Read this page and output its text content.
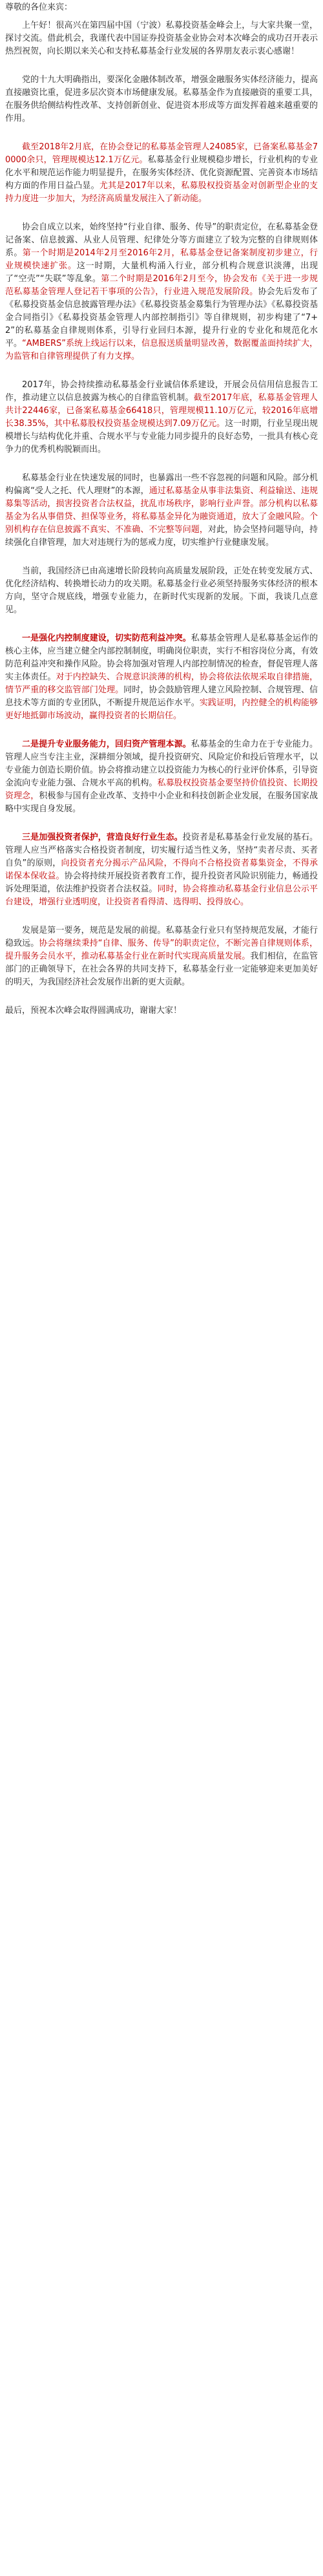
尊敬的各位来宾：

上午好！很高兴在第四届中国（宁波）私募投资基金峰会上，与大家共聚一堂，探讨交流。借此机会，我谨代表中国证券投资基金业协会对本次峰会的成功召开表示热烈祝贺，向长期以来关心和支持私募基金行业发展的各界朋友表示衷心感谢！

党的十九大明确指出，要深化金融体制改革，增强金融服务实体经济能力，提高直接融资比重，促进多层次资本市场健康发展。私募基金作为直接融资的重要工具，在服务供给侧结构性改革、支持创新创业、促进资本形成等方面发挥着越来越重要的作用。

截至2018年2月底，在协会登记的私募基金管理人24085家，已备案私募基金70000余只，管理规模达12.1万亿元。私募基金行业规模稳步增长，行业机构的专业化水平和规范运作能力明显提升，在服务实体经济、优化资源配置、完善资本市场结构方面的作用日益凸显。尤其是2017年以来，私募股权投资基金对创新型企业的支持力度进一步加大，为经济高质量发展注入了新动能。

协会自成立以来，始终坚持“行业自律、服务、传导”的职责定位，在私募基金登记备案、信息披露、从业人员管理、纪律处分等方面建立了较为完整的自律规则体系。第一个时期是2014年2月至2016年2月，私募基金登记备案制度初步建立，行业规模快速扩张。这一时期，大量机构涌入行业，部分机构合规意识淡薄，出现了“空壳”“失联”等乱象。第二个时期是2016年2月至今，协会发布《关于进一步规范私募基金管理人登记若干事项的公告》，行业进入规范发展阶段。协会先后发布了《私募投资基金信息披露管理办法》《私募投资基金募集行为管理办法》《私募投资基金合同指引》《私募投资基金管理人内部控制指引》等自律规则，初步构建了“7+2”的私募基金自律规则体系，引导行业回归本源，提升行业的专业化和规范化水平。“AMBERS”系统上线运行以来，信息报送质量明显改善，数据覆盖面持续扩大，为监管和自律管理提供了有力支撑。

2017年，协会持续推动私募基金行业诚信体系建设，开展会员信用信息报告工作，推动建立以信息披露为核心的自律监管机制。截至2017年底，私募基金管理人共计22446家，已备案私募基金66418只，管理规模11.10万亿元，较2016年底增长38.35%，其中私募股权投资基金规模达到7.09万亿元。这一时期，行业呈现出规模增长与结构优化并重、合规水平与专业能力同步提升的良好态势，一批具有核心竞争力的优秀机构脱颖而出。

私募基金行业在快速发展的同时，也暴露出一些不容忽视的问题和风险。部分机构偏离“受人之托、代人理财”的本源，通过私募基金从事非法集资、利益输送、违规募集等活动，损害投资者合法权益，扰乱市场秩序，影响行业声誉。部分机构以私募基金为名从事借贷、担保等业务，将私募基金异化为融资通道，放大了金融风险。个别机构存在信息披露不真实、不准确、不完整等问题，对此，协会坚持问题导向，持续强化自律管理，加大对违规行为的惩戒力度，切实维护行业健康发展。

当前，我国经济已由高速增长阶段转向高质量发展阶段，正处在转变发展方式、优化经济结构、转换增长动力的攻关期。私募基金行业必须坚持服务实体经济的根本方向，坚守合规底线，增强专业能力，在新时代实现新的发展。下面，我谈几点意见。

一是强化内控制度建设，切实防范利益冲突。私募基金管理人是私募基金运作的核心主体，应当建立健全内部控制制度，明确岗位职责，实行不相容岗位分离，有效防范利益冲突和操作风险。协会将加强对管理人内部控制情况的检查，督促管理人落实主体责任。对于内控缺失、合规意识淡薄的机构，协会将依法依规采取自律措施，情节严重的移交监管部门处理。同时，协会鼓励管理人建立风险控制、合规管理、信息技术等方面的专业团队，不断提升规范运作水平。实践证明，内控健全的机构能够更好地抵御市场波动，赢得投资者的长期信任。

二是提升专业服务能力，回归资产管理本源。私募基金的生命力在于专业能力。管理人应当专注主业，深耕细分领域，提升投资研究、风险定价和投后管理水平，以专业能力创造长期价值。协会将推动建立以投资能力为核心的行业评价体系，引导资金流向专业能力强、合规水平高的机构。私募股权投资基金要坚持价值投资、长期投资理念，积极参与国有企业改革、支持中小企业和科技创新企业发展，在服务国家战略中实现自身发展。

三是加强投资者保护，营造良好行业生态。投资者是私募基金行业发展的基石。管理人应当严格落实合格投资者制度，切实履行适当性义务，坚持“卖者尽责、买者自负”的原则，向投资者充分揭示产品风险，不得向不合格投资者募集资金，不得承诺保本保收益。协会将持续开展投资者教育工作，提升投资者风险识别能力，畅通投诉处理渠道，依法维护投资者合法权益。同时，协会将推动私募基金行业信息公示平台建设，增强行业透明度，让投资者看得清、选得明、投得放心。

发展是第一要务，规范是发展的前提。私募基金行业只有坚持规范发展，才能行稳致远。协会将继续秉持“自律、服务、传导”的职责定位，不断完善自律规则体系，提升服务会员水平，推动私募基金行业在新时代实现高质量发展。我们相信，在监管部门的正确领导下，在社会各界的共同支持下，私募基金行业一定能够迎来更加美好的明天，为我国经济社会发展作出新的更大贡献。

最后，预祝本次峰会取得圆满成功，谢谢大家！
